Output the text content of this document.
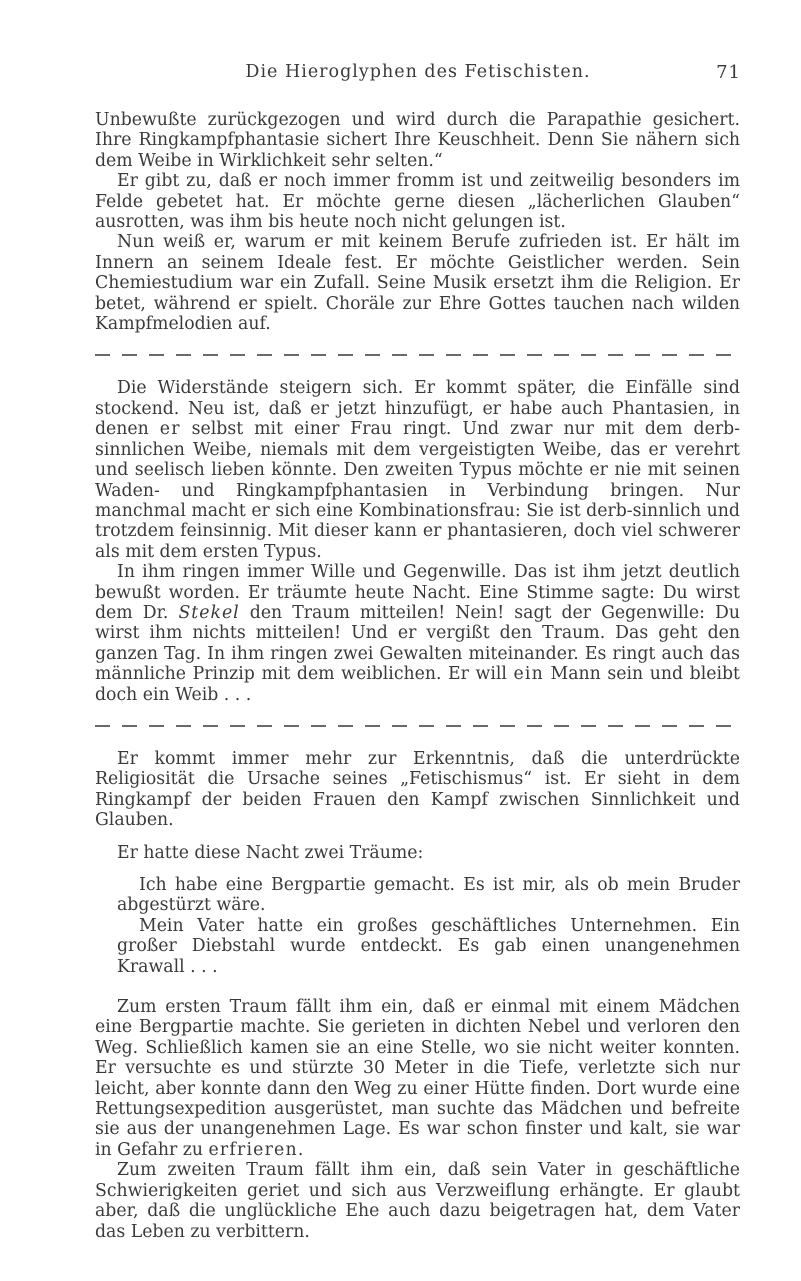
Die Hieroglyphen des Fetischisten.	71

Unbewußte zurückgezogen und wird durch die Parapathie gesichert. Ihre Ringkampfphantasie sichert Ihre Keuschheit. Denn Sie nähern sich dem Weibe in Wirklichkeit sehr selten.“

Er gibt zu, daß er noch immer fromm ist und zeitweilig besonders im Felde gebetet hat. Er möchte gerne diesen „lächerlichen Glauben“ ausrotten, was ihm bis heute noch nicht gelungen ist.

Nun weiß er, warum er mit keinem Berufe zufrieden ist. Er hält im Innern an seinem Ideale fest. Er möchte Geistlicher werden. Sein Chemiestudium war ein Zufall. Seine Musik ersetzt ihm die Religion. Er betet, während er spielt. Choräle zur Ehre Gottes tauchen nach wilden Kampfmelodien auf.

Die Widerstände steigern sich. Er kommt später, die Einfälle sind stockend. Neu ist, daß er jetzt hinzufügt, er habe auch Phantasien, in denen er selbst mit einer Frau ringt. Und zwar nur mit dem derb-sinnlichen Weibe, niemals mit dem vergeistigten Weibe, das er verehrt und seelisch lieben könnte. Den zweiten Typus möchte er nie mit seinen Waden- und Ringkampfphantasien in Verbindung bringen. Nur manchmal macht er sich eine Kombinationsfrau: Sie ist derb-sinnlich und trotzdem feinsinnig. Mit dieser kann er phantasieren, doch viel schwerer als mit dem ersten Typus.

In ihm ringen immer Wille und Gegenwille. Das ist ihm jetzt deutlich bewußt worden. Er träumte heute Nacht. Eine Stimme sagte: Du wirst dem Dr. Stekel den Traum mitteilen! Nein! sagt der Gegenwille: Du wirst ihm nichts mitteilen! Und er vergißt den Traum. Das geht den ganzen Tag. In ihm ringen zwei Gewalten miteinander. Es ringt auch das männliche Prinzip mit dem weiblichen. Er will ein Mann sein und bleibt doch ein Weib . . .

Er kommt immer mehr zur Erkenntnis, daß die unterdrückte Religiosität die Ursache seines „Fetischismus“ ist. Er sieht in dem Ringkampf der beiden Frauen den Kampf zwischen Sinnlichkeit und Glauben.

Er hatte diese Nacht zwei Träume:

Ich habe eine Bergpartie gemacht. Es ist mir, als ob mein Bruder abgestürzt wäre.

Mein Vater hatte ein großes geschäftliches Unternehmen. Ein großer Diebstahl wurde entdeckt. Es gab einen unangenehmen Krawall . . .

Zum ersten Traum fällt ihm ein, daß er einmal mit einem Mädchen eine Bergpartie machte. Sie gerieten in dichten Nebel und verloren den Weg. Schließlich kamen sie an eine Stelle, wo sie nicht weiter konnten. Er versuchte es und stürzte 30 Meter in die Tiefe, verletzte sich nur leicht, aber konnte dann den Weg zu einer Hütte finden. Dort wurde eine Rettungsexpedition ausgerüstet, man suchte das Mädchen und befreite sie aus der unangenehmen Lage. Es war schon finster und kalt, sie war in Gefahr zu erfrieren.

Zum zweiten Traum fällt ihm ein, daß sein Vater in geschäftliche Schwierigkeiten geriet und sich aus Verzweiflung erhängte. Er glaubt aber, daß die unglückliche Ehe auch dazu beigetragen hat, dem Vater das Leben zu verbittern.
